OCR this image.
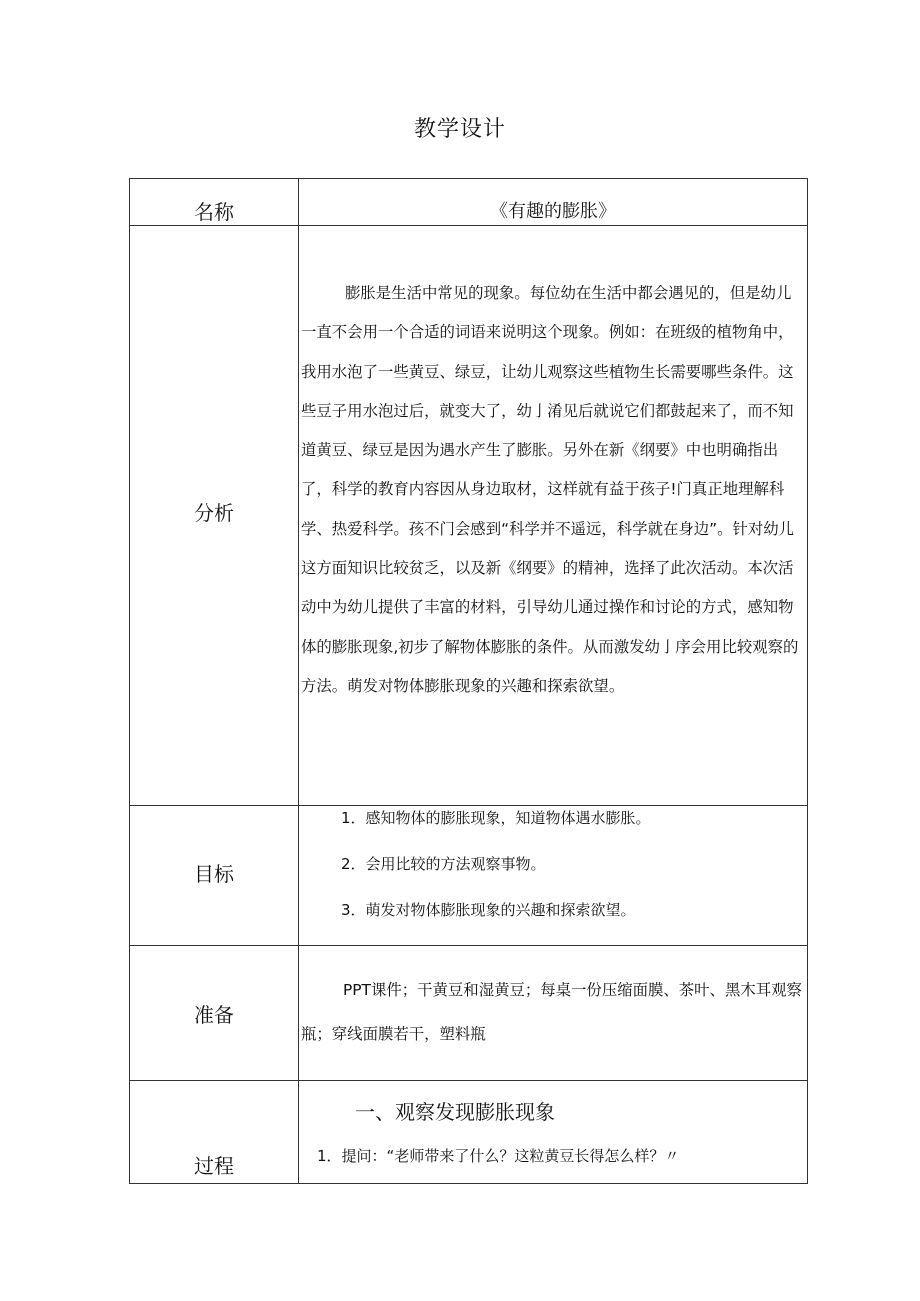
教学设计
名称	《有趣的膨胀》
分析	膨胀是生活中常见的现象。每位幼在生活中都会遇见的，但是幼儿一直不会用一个合适的词语来说明这个现象。例如：在班级的植物角中，我用水泡了一些黄豆、绿豆，让幼儿观察这些植物生长需要哪些条件。这些豆子用水泡过后，就变大了，幼亅淆见后就说它们都鼓起来了，而不知道黄豆、绿豆是因为遇水产生了膨胀。另外在新《纲要》中也明确指出了，科学的教育内容因从身边取材，这样就有益于孩子!门真正地理解科学、热爱科学。孩不门会感到“科学并不遥远，科学就在身边”。针对幼儿这方面知识比较贫乏，以及新《纲要》的精神，选择了此次活动。本次活动中为幼儿提供了丰富的材料，引导幼儿通过操作和讨论的方式，感知物体的膨胀现象,初步了解物体膨胀的条件。从而激发幼亅序会用比较观察的方法。萌发对物体膨胀现象的兴趣和探索欲望。
目标	1．感知物体的膨胀现象，知道物体遇水膨胀。
2．会用比较的方法观察事物。
3．萌发对物体膨胀现象的兴趣和探索欲望。

准备	PPT课件；干黄豆和湿黄豆；每桌一份压缩面膜、茶叶、黑木耳观察瓶；穿线面膜若干，塑料瓶
过程	一、观察发现膨胀现象
1．提问：“老师带来了什么？这粒黄豆长得怎么样？〃
